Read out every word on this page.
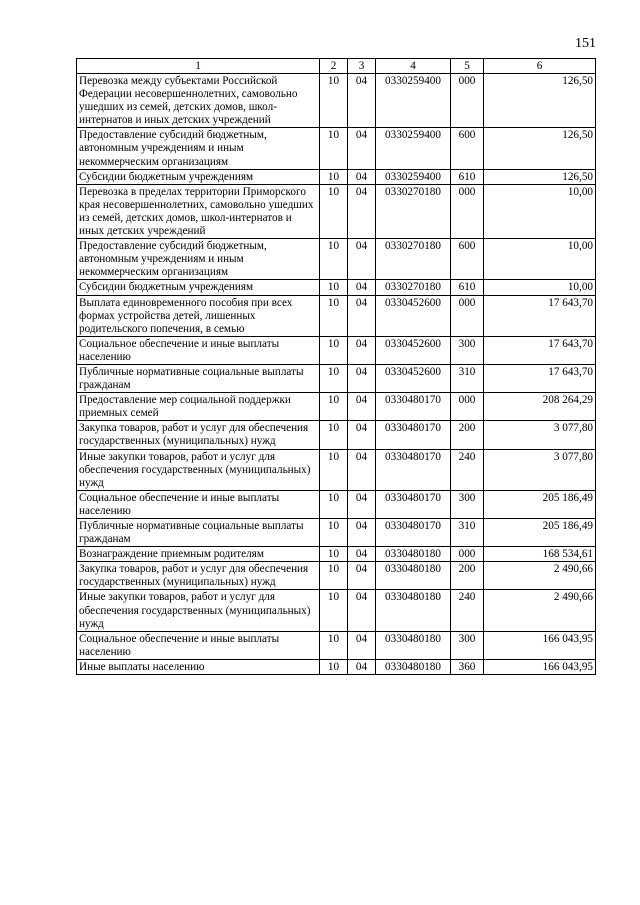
151
1	2	3	4	5	6
Перевозка между субъектами Российской Федерации несовершеннолетних, самовольно ушедших из семей, детских домов, школ-интернатов и иных детских учреждений	10	04	0330259400	000	126,50
Предоставление субсидий бюджетным, автономным учреждениям и иным некоммерческим организациям	10	04	0330259400	600	126,50
Субсидии бюджетным учреждениям	10	04	0330259400	610	126,50
Перевозка в пределах территории Приморского края несовершеннолетних, самовольно ушедших из семей, детских домов, школ-интернатов и иных детских учреждений	10	04	0330270180	000	10,00
Предоставление субсидий бюджетным, автономным учреждениям и иным некоммерческим организациям	10	04	0330270180	600	10,00
Субсидии бюджетным учреждениям	10	04	0330270180	610	10,00
Выплата единовременного пособия при всех формах устройства детей, лишенных родительского попечения, в семью	10	04	0330452600	000	17 643,70
Социальное обеспечение и иные выплаты населению	10	04	0330452600	300	17 643,70
Публичные нормативные социальные выплаты гражданам	10	04	0330452600	310	17 643,70
Предоставление мер социальной поддержки приемных семей	10	04	0330480170	000	208 264,29
Закупка товаров, работ и услуг для обеспечения государственных (муниципальных) нужд	10	04	0330480170	200	3 077,80
Иные закупки товаров, работ и услуг для обеспечения государственных (муниципальных) нужд	10	04	0330480170	240	3 077,80
Социальное обеспечение и иные выплаты населению	10	04	0330480170	300	205 186,49
Публичные нормативные социальные выплаты гражданам	10	04	0330480170	310	205 186,49
Вознаграждение приемным родителям	10	04	0330480180	000	168 534,61
Закупка товаров, работ и услуг для обеспечения государственных (муниципальных) нужд	10	04	0330480180	200	2 490,66
Иные закупки товаров, работ и услуг для обеспечения государственных (муниципальных) нужд	10	04	0330480180	240	2 490,66
Социальное обеспечение и иные выплаты населению	10	04	0330480180	300	166 043,95
Иные выплаты населению	10	04	0330480180	360	166 043,95
